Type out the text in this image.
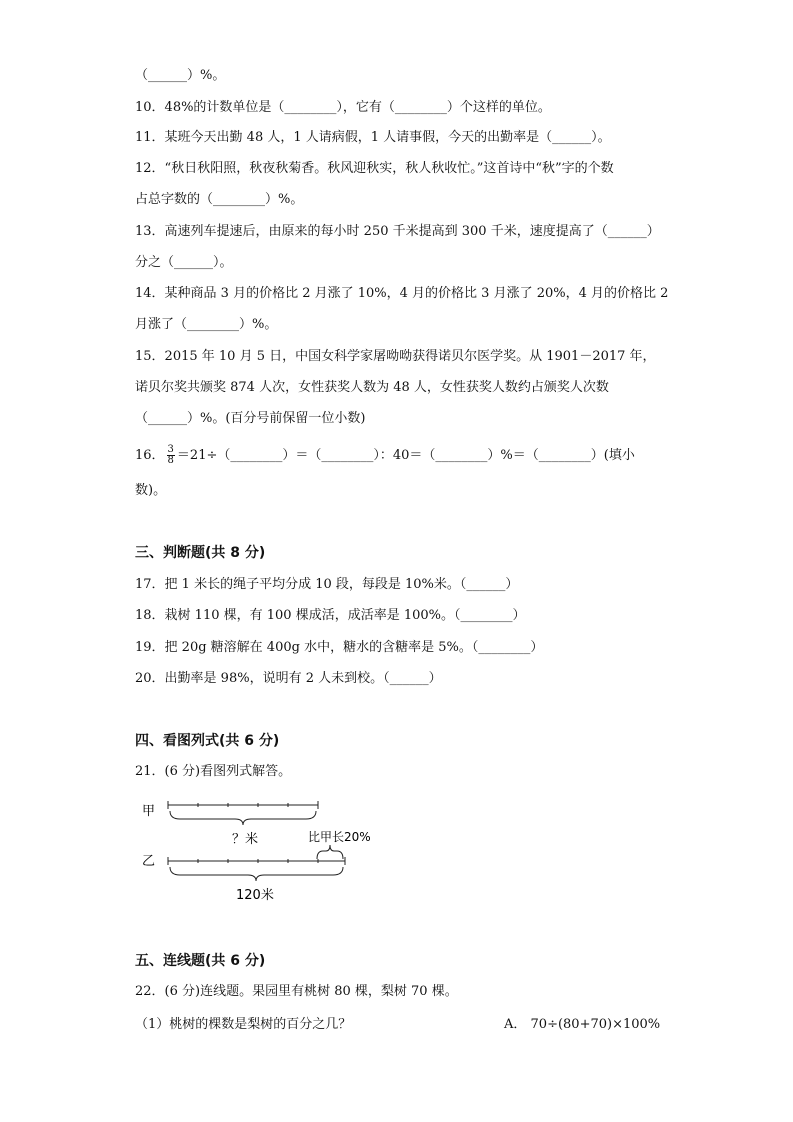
（______）%。
10．48%的计数单位是（________），它有（________）个这样的单位。
11．某班今天出勤 48 人，1 人请病假，1 人请事假，今天的出勤率是（______）。
12．“秋日秋阳照，秋夜秋菊香。秋风迎秋实，秋人秋收忙。”这首诗中“秋”字的个数
占总字数的（________）%。
13．高速列车提速后，由原来的每小时 250 千米提高到 300 千米，速度提高了（______）
分之（______）。
14．某种商品 3 月的价格比 2 月涨了 10%，4 月的价格比 3 月涨了 20%，4 月的价格比 2
月涨了（________）%。
15．2015 年 10 月 5 日，中国女科学家屠呦呦获得诺贝尔医学奖。从 1901－2017 年，
诺贝尔奖共颁奖 874 人次，女性获奖人数为 48 人，女性获奖人数约占颁奖人次数
（______）%。(百分号前保留一位小数)
16． $\frac{3}{8}$ ＝21÷（________）＝（________）：40＝（________）%＝（________）(填小
数)。
三、判断题(共 8 分)
17．把 1 米长的绳子平均分成 10 段，每段是 10%米。（______）
18．栽树 110 棵，有 100 棵成活，成活率是 100%。（________）
19．把 20g 糖溶解在 400g 水中，糖水的含糖率是 5%。（________）
20．出勤率是 98%，说明有 2 人未到校。（______）
四、看图列式(共 6 分)
21．(6 分)看图列式解答。
甲
？米	比甲长20%
乙
120米
五、连线题(共 6 分)
22．(6 分)连线题。果园里有桃树 80 棵，梨树 70 棵。
（1）桃树的棵数是梨树的百分之几？	A． 70÷(80+70)×100%
